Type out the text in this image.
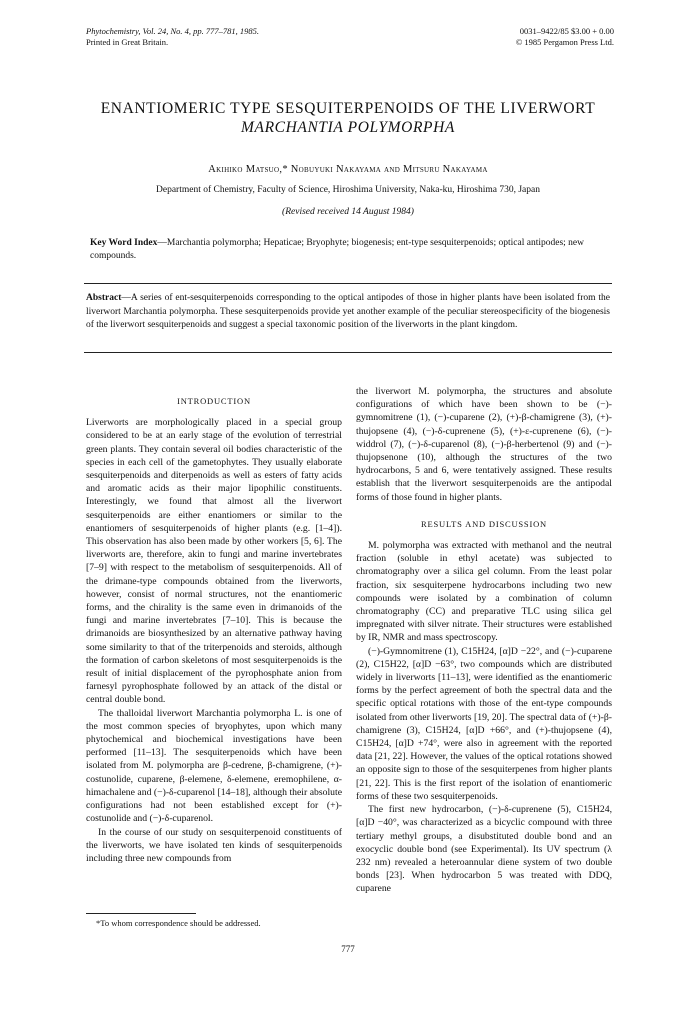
Phytochemistry, Vol. 24, No. 4, pp. 777–781, 1985.
Printed in Great Britain.
0031–9422/85 $3.00 + 0.00
© 1985 Pergamon Press Ltd.
ENANTIOMERIC TYPE SESQUITERPENOIDS OF THE LIVERWORT
MARCHANTIA POLYMORPHA
Akihiko Matsuo,* Nobuyuki Nakayama and Mitsuru Nakayama
Department of Chemistry, Faculty of Science, Hiroshima University, Naka-ku, Hiroshima 730, Japan
(Revised received 14 August 1984)
Key Word Index—Marchantia polymorpha; Hepaticae; Bryophyte; biogenesis; ent-type sesquiterpenoids; optical antipodes; new compounds.
Abstract—A series of ent-sesquiterpenoids corresponding to the optical antipodes of those in higher plants have been isolated from the liverwort Marchantia polymorpha. These sesquiterpenoids provide yet another example of the peculiar stereospecificity of the biogenesis of the liverwort sesquiterpenoids and suggest a special taxonomic position of the liverworts in the plant kingdom.
INTRODUCTION

Liverworts are morphologically placed in a special group considered to be at an early stage of the evolution of terrestrial green plants. They contain several oil bodies characteristic of the species in each cell of the gametophytes. They usually elaborate sesquiterpenoids and diterpenoids as well as esters of fatty acids and aromatic acids as their major lipophilic constituents. Interestingly, we found that almost all the liverwort sesquiterpenoids are either enantiomers or similar to the enantiomers of sesquiterpenoids of higher plants (e.g. [1–4]). This observation has also been made by other workers [5, 6]. The liverworts are, therefore, akin to fungi and marine invertebrates [7–9] with respect to the metabolism of sesquiterpenoids. All of the drimane-type compounds obtained from the liverworts, however, consist of normal structures, not the enantiomeric forms, and the chirality is the same even in drimanoids of the fungi and marine invertebrates [7–10]. This is because the drimanoids are biosynthesized by an alternative pathway having some similarity to that of the triterpenoids and steroids, although the formation of carbon skeletons of most sesquiterpenoids is the result of initial displacement of the pyrophosphate anion from farnesyl pyrophosphate followed by an attack of the distal or central double bond.

The thalloidal liverwort Marchantia polymorpha L. is one of the most common species of bryophytes, upon which many phytochemical and biochemical investigations have been performed [11–13]. The sesquiterpenoids which have been isolated from M. polymorpha are β-cedrene, β-chamigrene, (+)-costunolide, cuparene, β-elemene, δ-elemene, eremophilene, α-himachalene and (−)-δ-cuparenol [14–18], although their absolute configurations had not been established except for (+)-costunolide and (−)-δ-cuparenol.

In the course of our study on sesquiterpenoid constituents of the liverworts, we have isolated ten kinds of sesquiterpenoids including three new compounds from

the liverwort M. polymorpha, the structures and absolute configurations of which have been shown to be (−)-gymnomitrene (1), (−)-cuparene (2), (+)-β-chamigrene (3), (+)-thujopsene (4), (−)-δ-cuprenene (5), (+)-ε-cuprenene (6), (−)-widdrol (7), (−)-δ-cuparenol (8), (−)-β-herbertenol (9) and (−)-thujopsenone (10), although the structures of the two hydrocarbons, 5 and 6, were tentatively assigned. These results establish that the liverwort sesquiterpenoids are the antipodal forms of those found in higher plants.

RESULTS AND DISCUSSION

M. polymorpha was extracted with methanol and the neutral fraction (soluble in ethyl acetate) was subjected to chromatography over a silica gel column. From the least polar fraction, six sesquiterpene hydrocarbons including two new compounds were isolated by a combination of column chromatography (CC) and preparative TLC using silica gel impregnated with silver nitrate. Their structures were established by IR, NMR and mass spectroscopy.

(−)-Gymnomitrene (1), C15H24, [α]D −22°, and (−)-cuparene (2), C15H22, [α]D −63°, two compounds which are distributed widely in liverworts [11–13], were identified as the enantiomeric forms by the perfect agreement of both the spectral data and the specific optical rotations with those of the ent-type compounds isolated from other liverworts [19, 20]. The spectral data of (+)-β-chamigrene (3), C15H24, [α]D +66°, and (+)-thujopsene (4), C15H24, [α]D +74°, were also in agreement with the reported data [21, 22]. However, the values of the optical rotations showed an opposite sign to those of the sesquiterpenes from higher plants [21, 22]. This is the first report of the isolation of enantiomeric forms of these two sesquiterpenoids.

The first new hydrocarbon, (−)-δ-cuprenene (5), C15H24, [α]D −40°, was characterized as a bicyclic compound with three tertiary methyl groups, a disubstituted double bond and an exocyclic double bond (see Experimental). Its UV spectrum (λ 232 nm) revealed a heteroannular diene system of two double bonds [23]. When hydrocarbon 5 was treated with DDQ, cuparene

*To whom correspondence should be addressed.
777
